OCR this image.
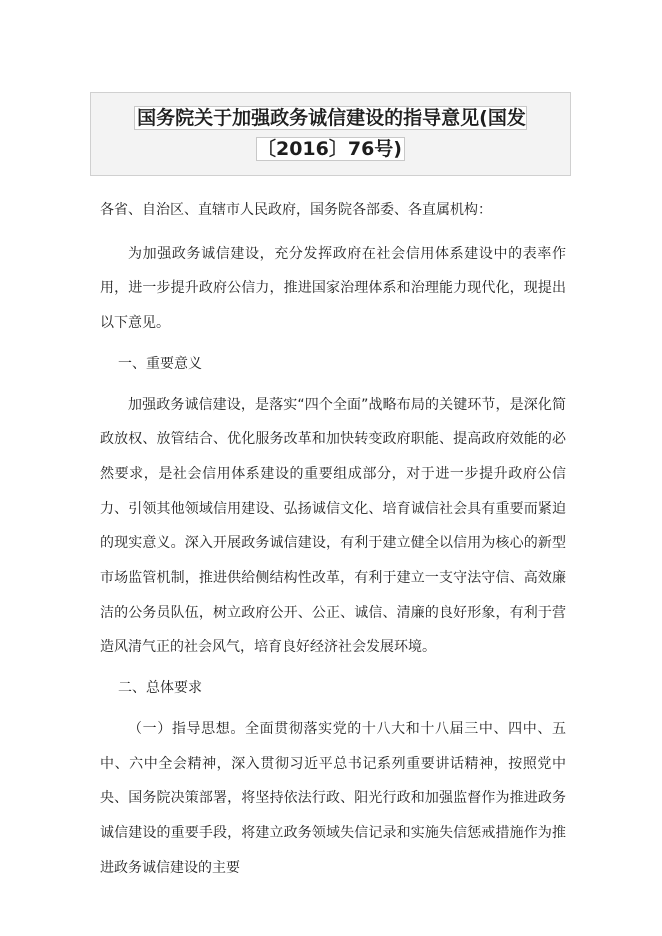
国务院关于加强政务诚信建设的指导意见(国发〔2016〕76号)

各省、自治区、直辖市人民政府，国务院各部委、各直属机构：

为加强政务诚信建设，充分发挥政府在社会信用体系建设中的表率作用，进一步提升政府公信力，推进国家治理体系和治理能力现代化，现提出以下意见。

一、重要意义

加强政务诚信建设，是落实“四个全面”战略布局的关键环节，是深化简政放权、放管结合、优化服务改革和加快转变政府职能、提高政府效能的必然要求，是社会信用体系建设的重要组成部分，对于进一步提升政府公信力、引领其他领域信用建设、弘扬诚信文化、培育诚信社会具有重要而紧迫的现实意义。深入开展政务诚信建设，有利于建立健全以信用为核心的新型市场监管机制，推进供给侧结构性改革，有利于建立一支守法守信、高效廉洁的公务员队伍，树立政府公开、公正、诚信、清廉的良好形象，有利于营造风清气正的社会风气，培育良好经济社会发展环境。

二、总体要求

（一）指导思想。全面贯彻落实党的十八大和十八届三中、四中、五中、六中全会精神，深入贯彻习近平总书记系列重要讲话精神，按照党中央、国务院决策部署，将坚持依法行政、阳光行政和加强监督作为推进政务诚信建设的重要手段，将建立政务领域失信记录和实施失信惩戒措施作为推进政务诚信建设的主要
